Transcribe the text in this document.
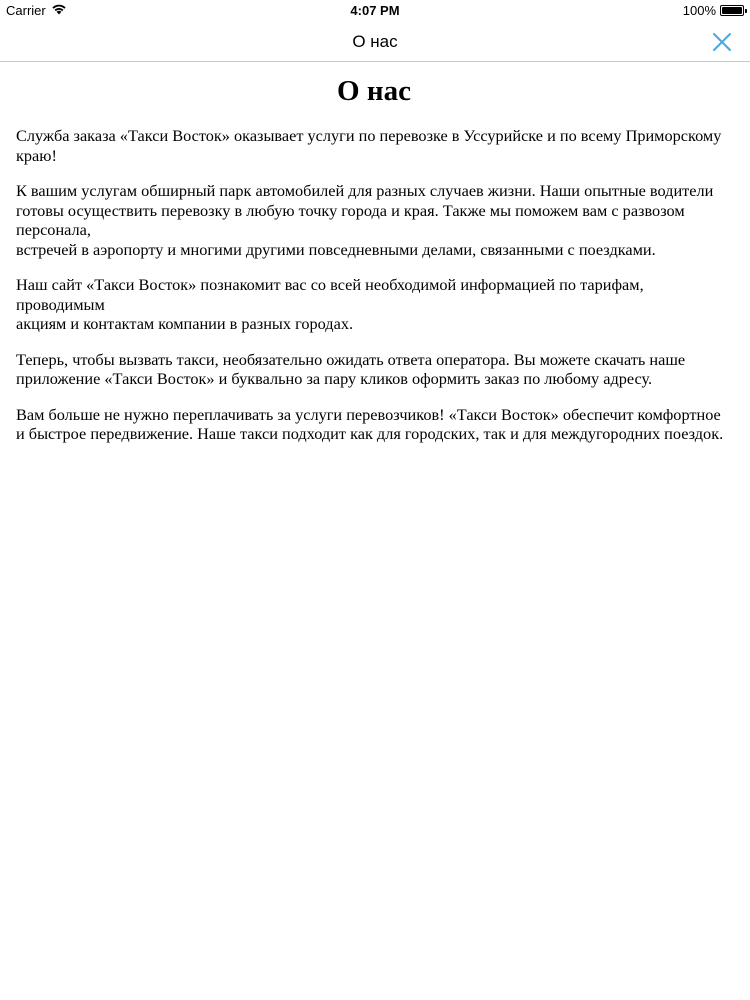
Carrier	4:07 PM	100%
О нас
О нас

Служба заказа «Такси Восток» оказывает услуги по перевозке в Уссурийске и по всему Приморскому
краю!

К вашим услугам обширный парк автомобилей для разных случаев жизни. Наши опытные водители
готовы осуществить перевозку в любую точку города и края. Также мы поможем вам с развозом персонала,
встречей в аэропорту и многими другими повседневными делами, связанными с поездками.

Наш сайт «Такси Восток» познакомит вас со всей необходимой информацией по тарифам, проводимым
акциям и контактам компании в разных городах.

Теперь, чтобы вызвать такси, необязательно ожидать ответа оператора. Вы можете скачать наше
приложение «Такси Восток» и буквально за пару кликов оформить заказ по любому адресу.

Вам больше не нужно переплачивать за услуги перевозчиков! «Такси Восток» обеспечит комфортное
и быстрое передвижение. Наше такси подходит как для городских, так и для междугородних поездок.
